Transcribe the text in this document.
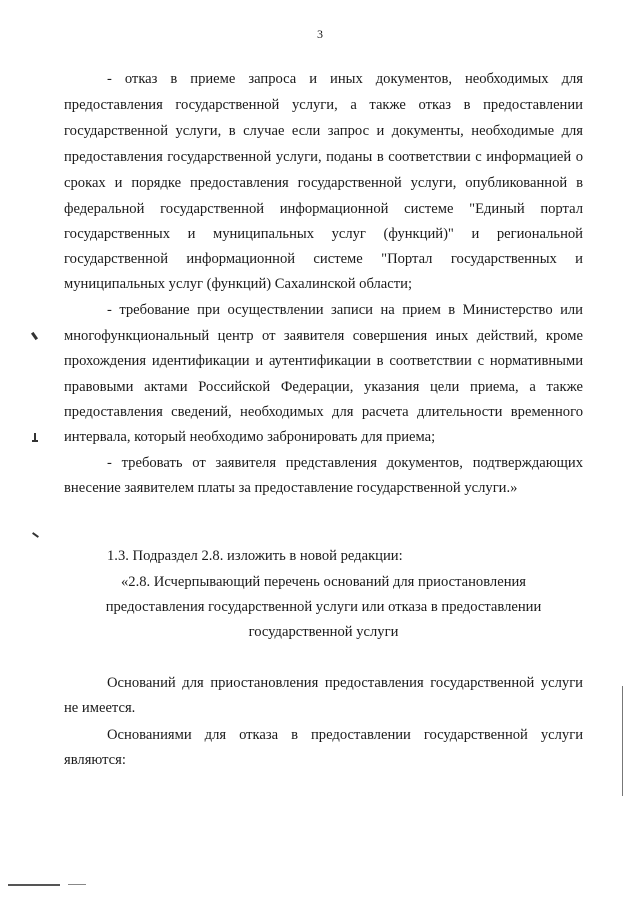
3
- отказ в приеме запроса и иных документов, необходимых для
предоставления государственной услуги, а также отказ в предоставлении
государственной услуги, в случае если запрос и документы, необходимые для
предоставления государственной услуги, поданы в соответствии с информацией о
сроках и порядке предоставления государственной услуги, опубликованной в
федеральной государственной информационной системе "Единый портал
государственных и муниципальных услуг (функций)" и региональной
государственной информационной системе "Портал государственных и
муниципальных услуг (функций) Сахалинской области;
- требование при осуществлении записи на прием в Министерство или
многофункциональный центр от заявителя совершения иных действий, кроме
прохождения идентификации и аутентификации в соответствии с нормативными
правовыми актами Российской Федерации, указания цели приема, а также
предоставления сведений, необходимых для расчета длительности временного
интервала, который необходимо забронировать для приема;
- требовать от заявителя представления документов, подтверждающих
внесение заявителем платы за предоставление государственной услуги.»
1.3. Подраздел 2.8. изложить в новой редакции:
«2.8. Исчерпывающий перечень оснований для приостановления
предоставления государственной услуги или отказа в предоставлении
государственной услуги
Оснований для приостановления предоставления государственной услуги
не имеется.
Основаниями для отказа в предоставлении государственной услуги
являются:
